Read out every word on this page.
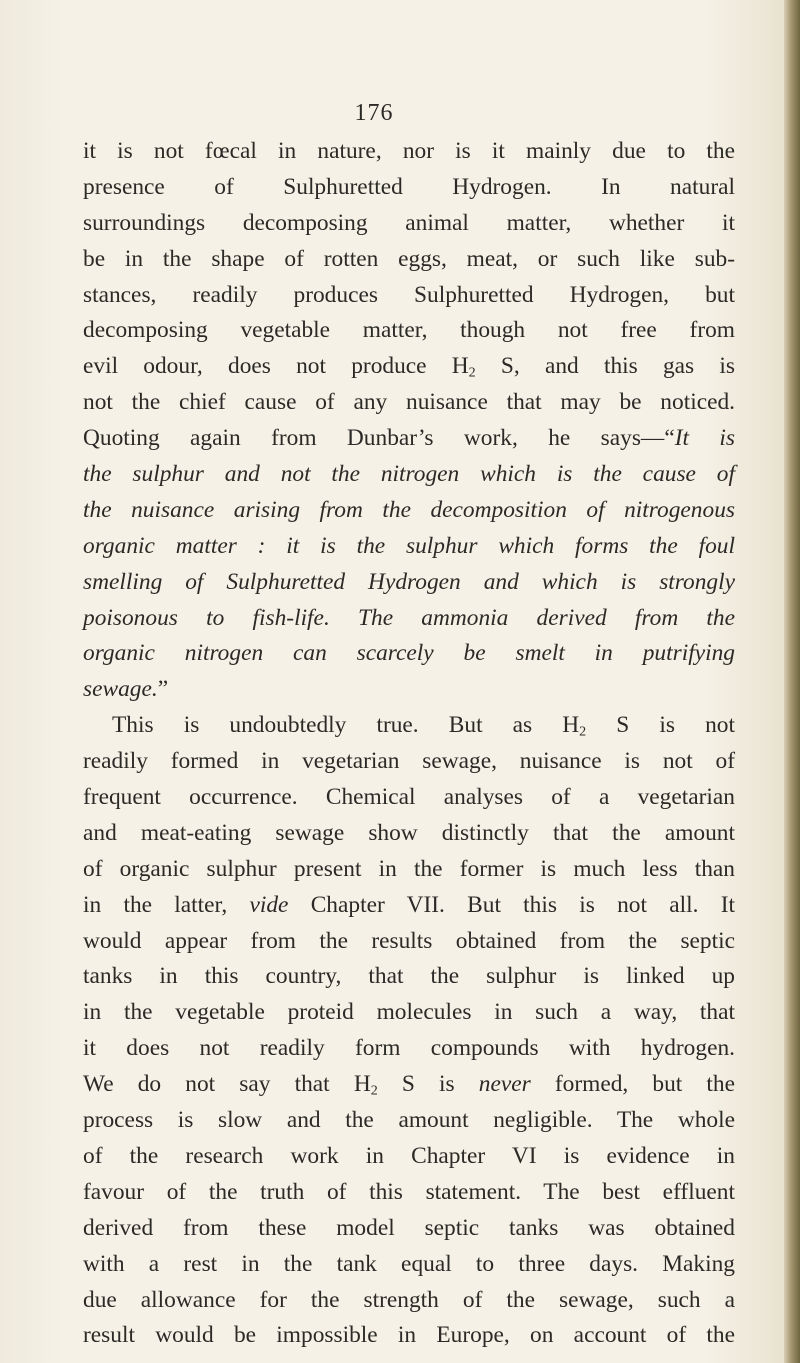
176
it is not fœcal in nature, nor is it mainly due to the
presence of Sulphuretted Hydrogen. In natural
surroundings decomposing animal matter, whether it
be in the shape of rotten eggs, meat, or such like sub-
stances, readily produces Sulphuretted Hydrogen, but
decomposing vegetable matter, though not free from
evil odour, does not produce $H_2$ S, and this gas is
not the chief cause of any nuisance that may be noticed.
Quoting again from Dunbar’s work, he says—“It is
the sulphur and not the nitrogen which is the cause of
the nuisance arising from the decomposition of nitrogenous
organic matter : it is the sulphur which forms the foul
smelling of Sulphuretted Hydrogen and which is strongly
poisonous to fish-life. The ammonia derived from the
organic nitrogen can scarcely be smelt in putrifying
sewage.”
This is undoubtedly true. But as $H_2$ S is not
readily formed in vegetarian sewage, nuisance is not of
frequent occurrence. Chemical analyses of a vegetarian
and meat-eating sewage show distinctly that the amount
of organic sulphur present in the former is much less than
in the latter, vide Chapter VII. But this is not all. It
would appear from the results obtained from the septic
tanks in this country, that the sulphur is linked up
in the vegetable proteid molecules in such a way, that
it does not readily form compounds with hydrogen.
We do not say that $H_2$ S is never formed, but the
process is slow and the amount negligible. The whole
of the research work in Chapter VI is evidence in
favour of the truth of this statement. The best effluent
derived from these model septic tanks was obtained
with a rest in the tank equal to three days. Making
due allowance for the strength of the sewage, such a
result would be impossible in Europe, on account of the
